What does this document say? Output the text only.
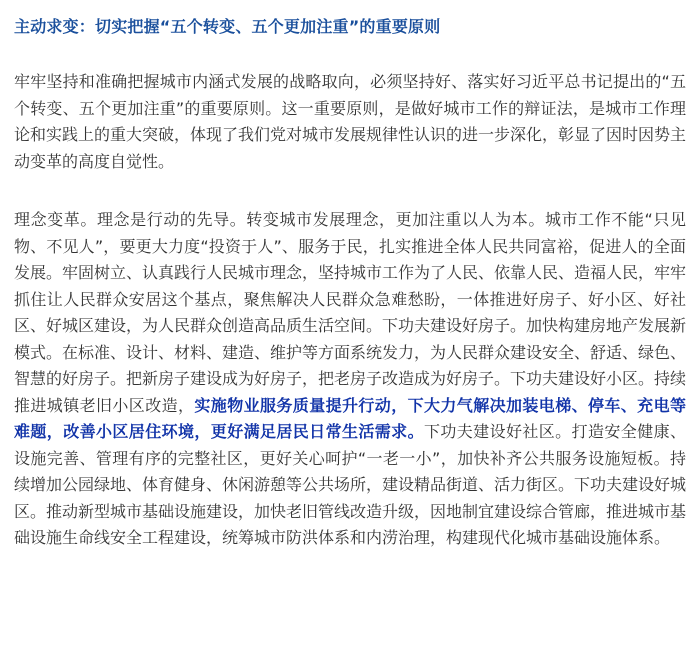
主动求变：切实把握“五个转变、五个更加注重”的重要原则

牢牢坚持和准确把握城市内涵式发展的战略取向，必须坚持好、落实好习近平总书记提出的“五个转变、五个更加注重”的重要原则。这一重要原则，是做好城市工作的辩证法，是城市工作理论和实践上的重大突破，体现了我们党对城市发展规律性认识的进一步深化，彰显了因时因势主动变革的高度自觉性。

理念变革。理念是行动的先导。转变城市发展理念，更加注重以人为本。城市工作不能“只见物、不见人”，要更大力度“投资于人”、服务于民，扎实推进全体人民共同富裕，促进人的全面发展。牢固树立、认真践行人民城市理念，坚持城市工作为了人民、依靠人民、造福人民，牢牢抓住让人民群众安居这个基点，聚焦解决人民群众急难愁盼，一体推进好房子、好小区、好社区、好城区建设，为人民群众创造高品质生活空间。下功夫建设好房子。加快构建房地产发展新模式。在标准、设计、材料、建造、维护等方面系统发力，为人民群众建设安全、舒适、绿色、智慧的好房子。把新房子建设成为好房子，把老房子改造成为好房子。下功夫建设好小区。持续推进城镇老旧小区改造，实施物业服务质量提升行动，下大力气解决加装电梯、停车、充电等难题，改善小区居住环境，更好满足居民日常生活需求。下功夫建设好社区。打造安全健康、设施完善、管理有序的完整社区，更好关心呵护“一老一小”，加快补齐公共服务设施短板。持续增加公园绿地、体育健身、休闲游憩等公共场所，建设精品街道、活力街区。下功夫建设好城区。推动新型城市基础设施建设，加快老旧管线改造升级，因地制宜建设综合管廊，推进城市基础设施生命线安全工程建设，统筹城市防洪体系和内涝治理，构建现代化城市基础设施体系。
